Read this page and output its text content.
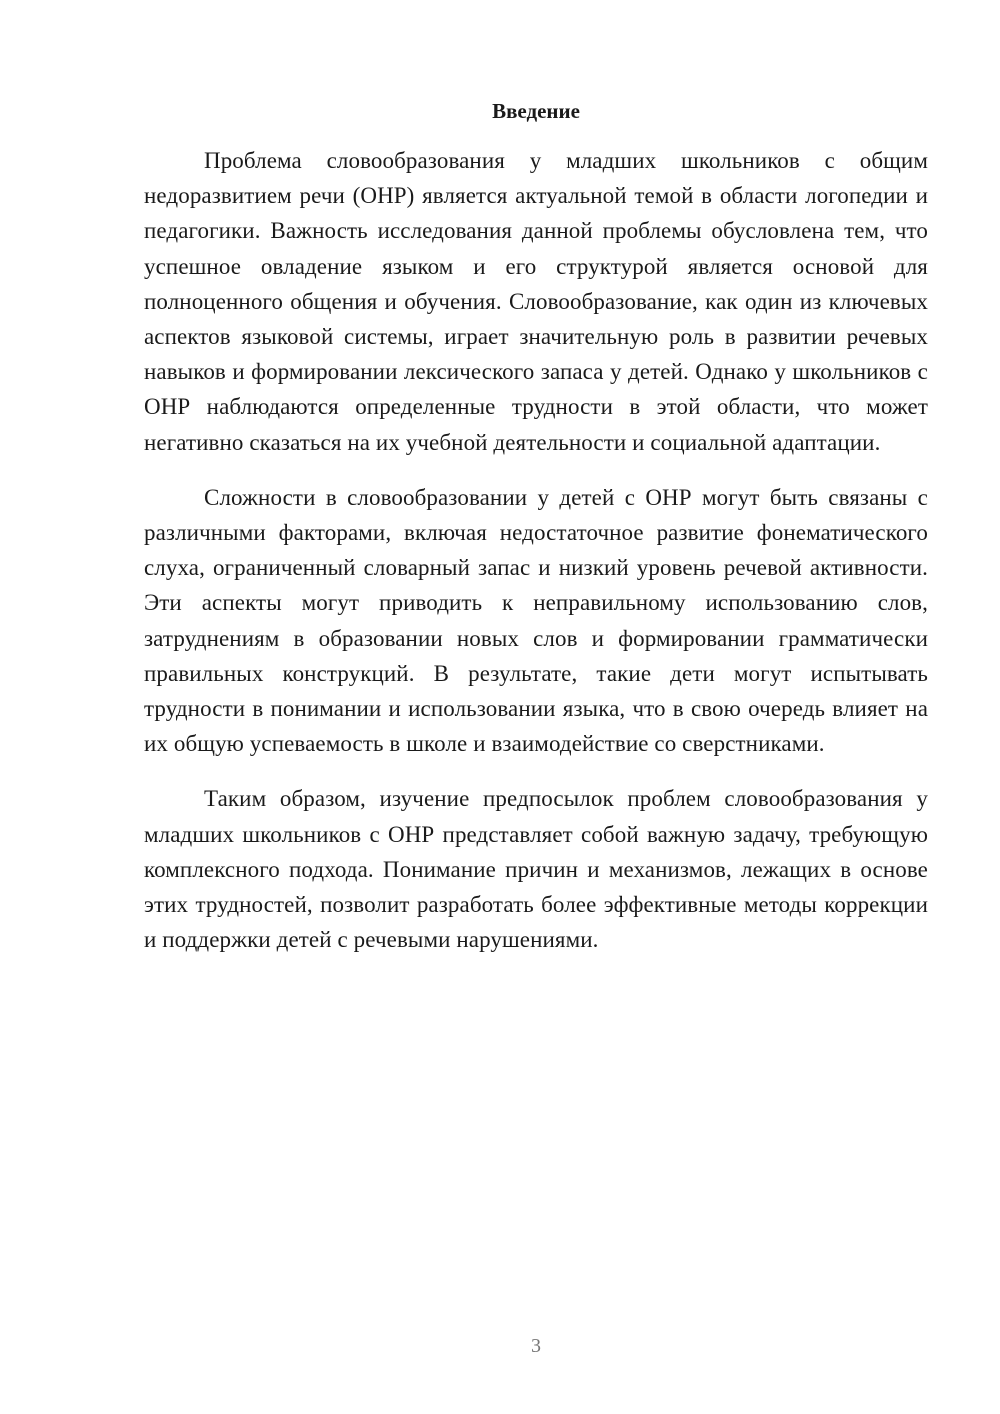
Введение

Проблема словообразования у младших школьников с общим недоразвитием речи (ОНР) является актуальной темой в области логопедии и педагогики. Важность исследования данной проблемы обусловлена тем, что успешное овладение языком и его структурой является основой для полноценного общения и обучения. Словообразование, как один из ключевых аспектов языковой системы, играет значительную роль в развитии речевых навыков и формировании лексического запаса у детей. Однако у школьников с ОНР наблюдаются определенные трудности в этой области, что может негативно сказаться на их учебной деятельности и социальной адаптации.

Сложности в словообразовании у детей с ОНР могут быть связаны с различными факторами, включая недостаточное развитие фонематического слуха, ограниченный словарный запас и низкий уровень речевой активности. Эти аспекты могут приводить к неправильному использованию слов, затруднениям в образовании новых слов и формировании грамматически правильных конструкций. В результате, такие дети могут испытывать трудности в понимании и использовании языка, что в свою очередь влияет на их общую успеваемость в школе и взаимодействие со сверстниками.

Таким образом, изучение предпосылок проблем словообразования у младших школьников с ОНР представляет собой важную задачу, требующую комплексного подхода. Понимание причин и механизмов, лежащих в основе этих трудностей, позволит разработать более эффективные методы коррекции и поддержки детей с речевыми нарушениями.

3
